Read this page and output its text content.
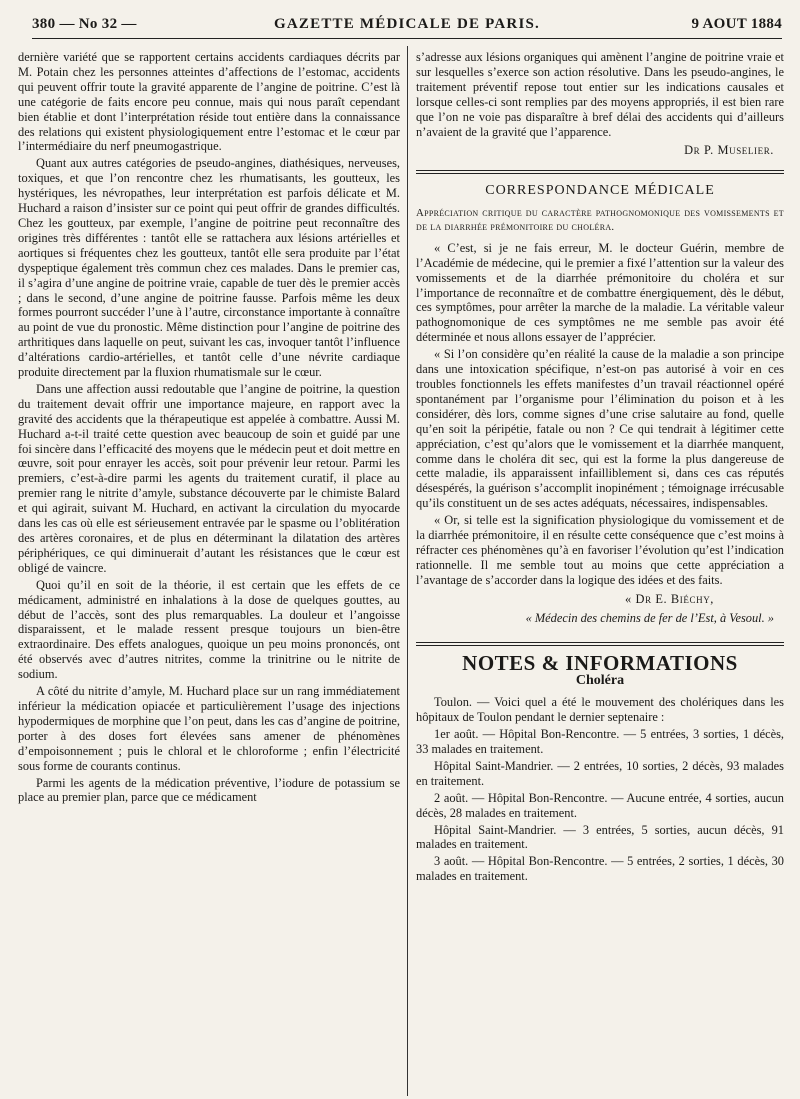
380 — No 32 —	GAZETTE MÉDICALE DE PARIS.	9 AOUT 1884

dernière variété que se rapportent certains accidents cardiaques décrits par M. Potain chez les personnes atteintes d’affections de l’estomac, accidents qui peuvent offrir toute la gravité apparente de l’angine de poitrine. C’est là une catégorie de faits encore peu connue, mais qui nous paraît cependant bien établie et dont l’interprétation réside tout entière dans la connaissance des relations qui existent physiologiquement entre l’estomac et le cœur par l’intermédiaire du nerf pneumogastrique.

Quant aux autres catégories de pseudo-angines, diathésiques, nerveuses, toxiques, et que l’on rencontre chez les rhumatisants, les goutteux, les hystériques, les névropathes, leur interprétation est parfois délicate et M. Huchard a raison d’insister sur ce point qui peut offrir de grandes difficultés. Chez les goutteux, par exemple, l’angine de poitrine peut reconnaître des origines très différentes : tantôt elle se rattachera aux lésions artérielles et aortiques si fréquentes chez les goutteux, tantôt elle sera produite par l’état dyspeptique également très commun chez ces malades. Dans le premier cas, il s’agira d’une angine de poitrine vraie, capable de tuer dès le premier accès ; dans le second, d’une angine de poitrine fausse. Parfois même les deux formes pourront succéder l’une à l’autre, circonstance importante à connaître au point de vue du pronostic. Même distinction pour l’angine de poitrine des arthritiques dans laquelle on peut, suivant les cas, invoquer tantôt l’influence d’altérations cardio-artérielles, et tantôt celle d’une névrite cardiaque produite directement par la fluxion rhumatismale sur le cœur.

Dans une affection aussi redoutable que l’angine de poitrine, la question du traitement devait offrir une importance majeure, en rapport avec la gravité des accidents que la thérapeutique est appelée à combattre. Aussi M. Huchard a-t-il traité cette question avec beaucoup de soin et guidé par une foi sincère dans l’efficacité des moyens que le médecin peut et doit mettre en œuvre, soit pour enrayer les accès, soit pour prévenir leur retour. Parmi les premiers, c’est-à-dire parmi les agents du traitement curatif, il place au premier rang le nitrite d’amyle, substance découverte par le chimiste Balard et qui agirait, suivant M. Huchard, en activant la circulation du myocarde dans les cas où elle est sérieusement entravée par le spasme ou l’oblitération des artères coronaires, et de plus en déterminant la dilatation des artères périphériques, ce qui diminuerait d’autant les résistances que le cœur est obligé de vaincre.

Quoi qu’il en soit de la théorie, il est certain que les effets de ce médicament, administré en inhalations à la dose de quelques gouttes, au début de l’accès, sont des plus remarquables. La douleur et l’angoisse disparaissent, et le malade ressent presque toujours un bien-être extraordinaire. Des effets analogues, quoique un peu moins prononcés, ont été observés avec d’autres nitrites, comme la trinitrine ou le nitrite de sodium.

A côté du nitrite d’amyle, M. Huchard place sur un rang immédiatement inférieur la médication opiacée et particulièrement l’usage des injections hypodermiques de morphine que l’on peut, dans les cas d’angine de poitrine, porter à des doses fort élevées sans amener de phénomènes d’empoisonnement ; puis le chloral et le chloroforme ; enfin l’électricité sous forme de courants continus.

Parmi les agents de la médication préventive, l’iodure de potassium se place au premier plan, parce que ce médicament

s’adresse aux lésions organiques qui amènent l’angine de poitrine vraie et sur lesquelles s’exerce son action résolutive. Dans les pseudo-angines, le traitement préventif repose tout entier sur les indications causales et lorsque celles-ci sont remplies par des moyens appropriés, il est bien rare que l’on ne voie pas disparaître à bref délai des accidents qui d’ailleurs n’avaient de la gravité que l’apparence.

Dr P. Muselier.

CORRESPONDANCE MÉDICALE

Appréciation critique du caractère pathognomonique des vomissements et de la diarrhée prémonitoire du choléra.

« C’est, si je ne fais erreur, M. le docteur Guérin, membre de l’Académie de médecine, qui le premier a fixé l’attention sur la valeur des vomissements et de la diarrhée prémonitoire du choléra et sur l’importance de reconnaître et de combattre énergiquement, dès le début, ces symptômes, pour arrêter la marche de la maladie. La véritable valeur pathognomonique de ces symptômes ne me semble pas avoir été déterminée et nous allons essayer de l’apprécier.

« Si l’on considère qu’en réalité la cause de la maladie a son principe dans une intoxication spécifique, n’est-on pas autorisé à voir en ces troubles fonctionnels les effets manifestes d’un travail réactionnel opéré spontanément par l’organisme pour l’élimination du poison et à les considérer, dès lors, comme signes d’une crise salutaire au fond, quelle qu’en soit la péripétie, fatale ou non ? Ce qui tendrait à légitimer cette appréciation, c’est qu’alors que le vomissement et la diarrhée manquent, comme dans le choléra dit sec, qui est la forme la plus dangereuse de cette maladie, ils apparaissent infailliblement si, dans ces cas réputés désespérés, la guérison s’accomplit inopinément ; témoignage irrécusable qu’ils constituent un de ses actes adéquats, nécessaires, indispensables.

« Or, si telle est la signification physiologique du vomissement et de la diarrhée prémonitoire, il en résulte cette conséquence que c’est moins à réfracter ces phénomènes qu’à en favoriser l’évolution qu’est l’indication rationnelle. Il me semble tout au moins que cette appréciation a l’avantage de s’accorder dans la logique des idées et des faits.

« Dr E. Biéchy,

« Médecin des chemins de fer de l’Est, à Vesoul. »

NOTES & INFORMATIONS
Choléra

Toulon. — Voici quel a été le mouvement des cholériques dans les hôpitaux de Toulon pendant le dernier septenaire :

1er août. — Hôpital Bon-Rencontre. — 5 entrées, 3 sorties, 1 décès, 33 malades en traitement.

Hôpital Saint-Mandrier. — 2 entrées, 10 sorties, 2 décès, 93 malades en traitement.

2 août. — Hôpital Bon-Rencontre. — Aucune entrée, 4 sorties, aucun décès, 28 malades en traitement.

Hôpital Saint-Mandrier. — 3 entrées, 5 sorties, aucun décès, 91 malades en traitement.

3 août. — Hôpital Bon-Rencontre. — 5 entrées, 2 sorties, 1 décès, 30 malades en traitement.
